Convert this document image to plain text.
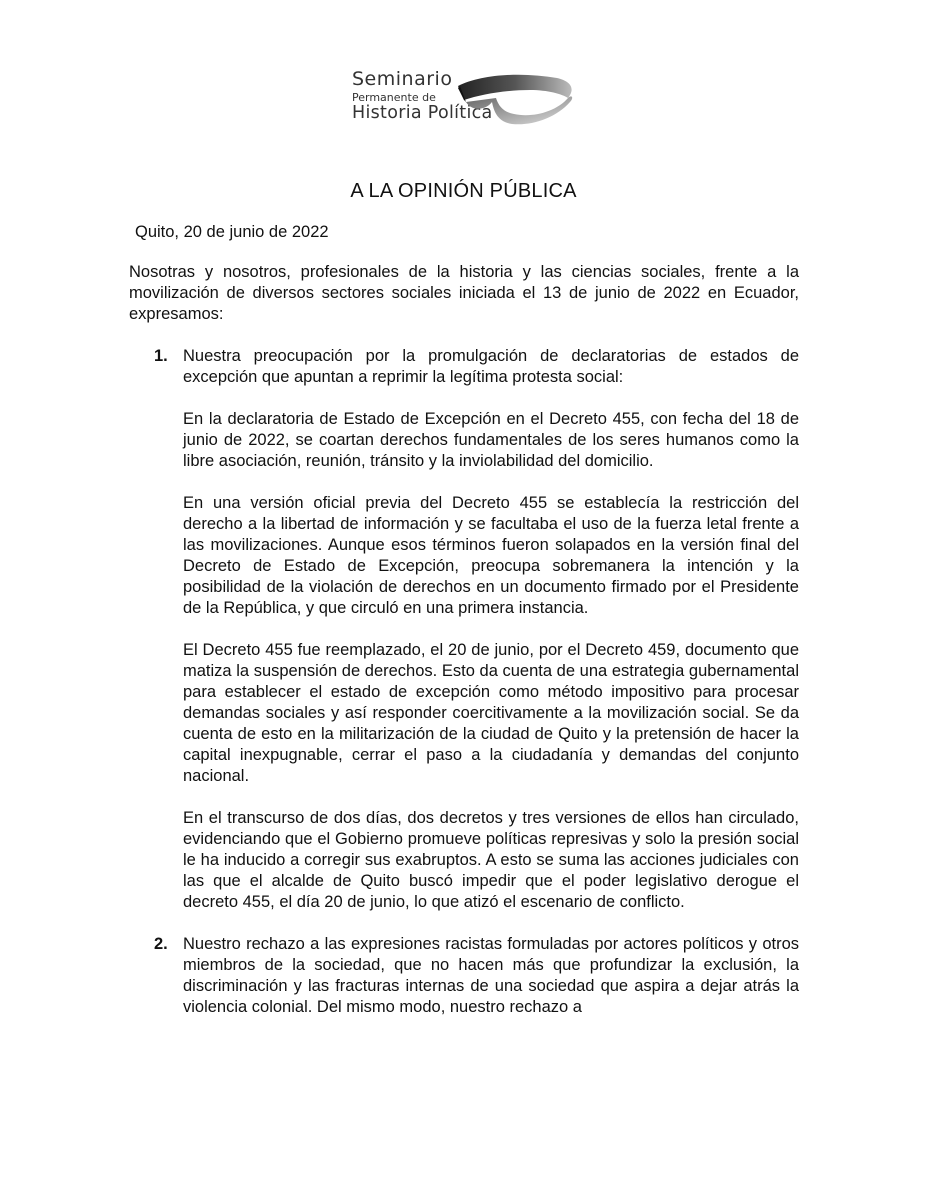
Seminario
Permanente de
Historia Política
A LA OPINIÓN PÚBLICA
Quito, 20 de junio de 2022

Nosotras y nosotros, profesionales de la historia y las ciencias sociales, frente a la movilización de diversos sectores sociales iniciada el 13 de junio de 2022 en Ecuador, expresamos:

1. Nuestra preocupación por la promulgación de declaratorias de estados de excepción que apuntan a reprimir la legítima protesta social:

En la declaratoria de Estado de Excepción en el Decreto 455, con fecha del 18 de junio de 2022, se coartan derechos fundamentales de los seres humanos como la libre asociación, reunión, tránsito y la inviolabilidad del domicilio.

En una versión oficial previa del Decreto 455 se establecía la restricción del derecho a la libertad de información y se facultaba el uso de la fuerza letal frente a las movilizaciones. Aunque esos términos fueron solapados en la versión final del Decreto de Estado de Excepción, preocupa sobremanera la intención y la posibilidad de la violación de derechos en un documento firmado por el Presidente de la República, y que circuló en una primera instancia.

El Decreto 455 fue reemplazado, el 20 de junio, por el Decreto 459, documento que matiza la suspensión de derechos. Esto da cuenta de una estrategia gubernamental para establecer el estado de excepción como método impositivo para procesar demandas sociales y así responder coercitivamente a la movilización social. Se da cuenta de esto en la militarización de la ciudad de Quito y la pretensión de hacer la capital inexpugnable, cerrar el paso a la ciudadanía y demandas del conjunto nacional.

En el transcurso de dos días, dos decretos y tres versiones de ellos han circulado, evidenciando que el Gobierno promueve políticas represivas y solo la presión social le ha inducido a corregir sus exabruptos. A esto se suma las acciones judiciales con las que el alcalde de Quito buscó impedir que el poder legislativo derogue el decreto 455, el día 20 de junio, lo que atizó el escenario de conflicto.

2. Nuestro rechazo a las expresiones racistas formuladas por actores políticos y otros miembros de la sociedad, que no hacen más que profundizar la exclusión, la discriminación y las fracturas internas de una sociedad que aspira a dejar atrás la violencia colonial. Del mismo modo, nuestro rechazo a
